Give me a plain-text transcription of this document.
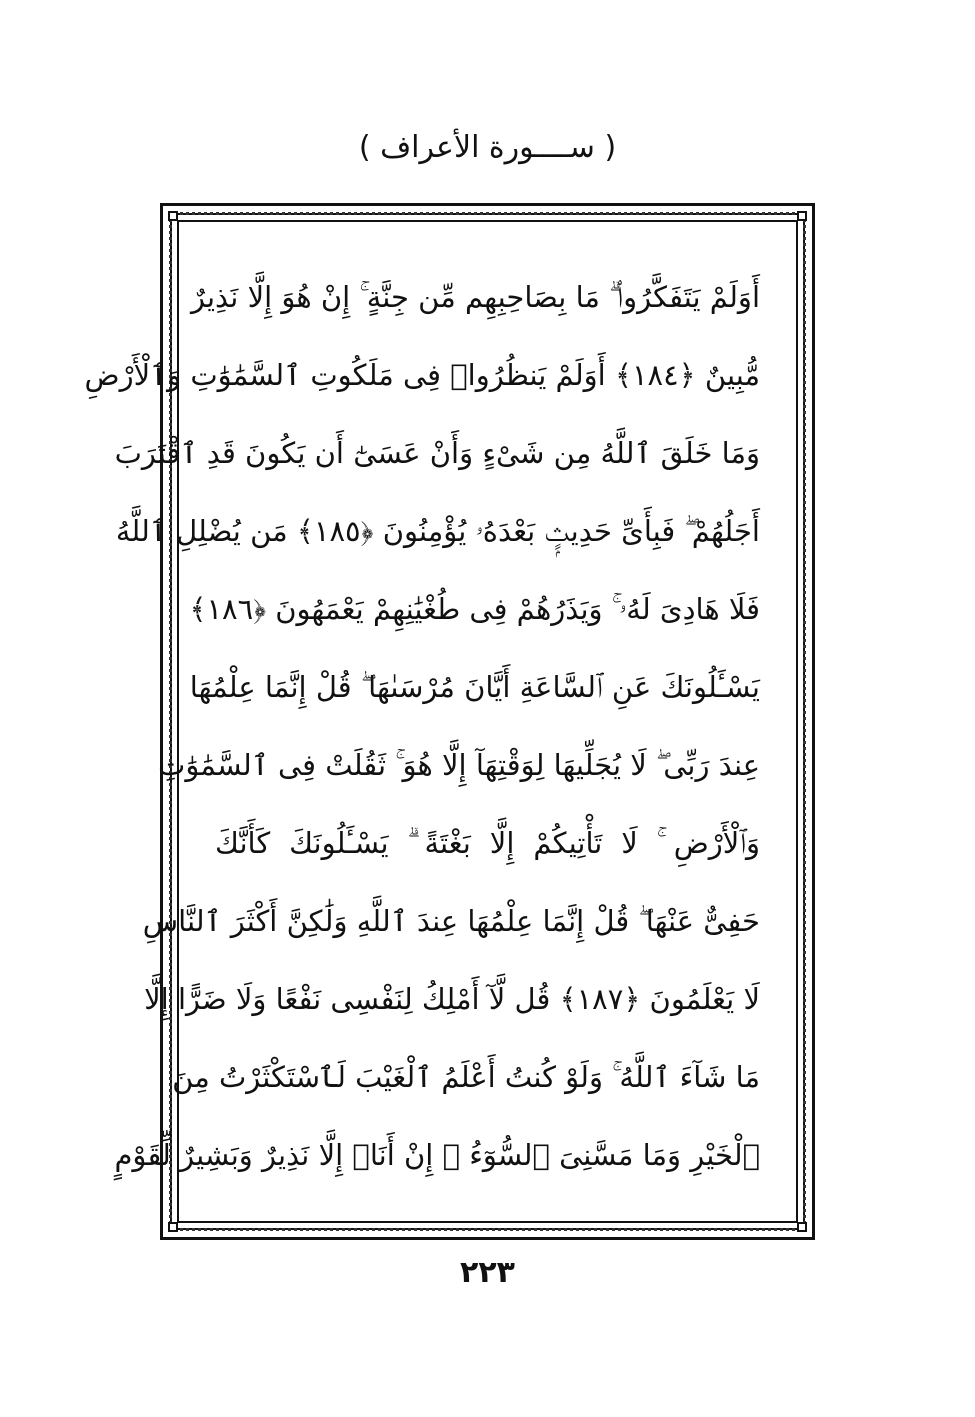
( ســــورة الأعراف )
أَوَلَمْ يَتَفَكَّرُوا۟ ۗ مَا بِصَاحِبِهِم مِّن جِنَّةٍ ۚ إِنْ هُوَ إِلَّا نَذِيرٌ
مُّبِينٌ ﴿١٨٤﴾ أَوَلَمْ يَنظُرُوا۟ فِى مَلَكُوتِ ٱلسَّمَٰوَٰتِ وَٱلْأَرْضِ
وَمَا خَلَقَ ٱللَّهُ مِن شَىْءٍ وَأَنْ عَسَىٰٓ أَن يَكُونَ قَدِ ٱقْتَرَبَ
أَجَلُهُمْ ۖ فَبِأَىِّ حَدِيثٍۭ بَعْدَهُۥ يُؤْمِنُونَ ﴿١٨٥﴾ مَن يُضْلِلِ ٱللَّهُ
فَلَا هَادِىَ لَهُۥ ۚ وَيَذَرُهُمْ فِى طُغْيَٰنِهِمْ يَعْمَهُونَ ﴿١٨٦﴾
يَسْـَٔلُونَكَ عَنِ ٱلسَّاعَةِ أَيَّانَ مُرْسَىٰهَا ۖ قُلْ إِنَّمَا عِلْمُهَا
عِندَ رَبِّى ۖ لَا يُجَلِّيهَا لِوَقْتِهَآ إِلَّا هُوَ ۚ ثَقُلَتْ فِى ٱلسَّمَٰوَٰتِ
وَٱلْأَرْضِ ۚ لَا تَأْتِيكُمْ إِلَّا بَغْتَةً ۗ يَسْـَٔلُونَكَ كَأَنَّكَ
حَفِىٌّ عَنْهَا ۖ قُلْ إِنَّمَا عِلْمُهَا عِندَ ٱللَّهِ وَلَٰكِنَّ أَكْثَرَ ٱلنَّاسِ
لَا يَعْلَمُونَ ﴿١٨٧﴾ قُل لَّآ أَمْلِكُ لِنَفْسِى نَفْعًا وَلَا ضَرًّا إِلَّا
مَا شَآءَ ٱللَّهُ ۚ وَلَوْ كُنتُ أَعْلَمُ ٱلْغَيْبَ لَٱسْتَكْثَرْتُ مِنَ
ٱلْخَيْرِ وَمَا مَسَّنِىَ ٱلسُّوٓءُ ۚ إِنْ أَنَا۠ إِلَّا نَذِيرٌ وَبَشِيرٌ لِّقَوْمٍ
٢٢٣
